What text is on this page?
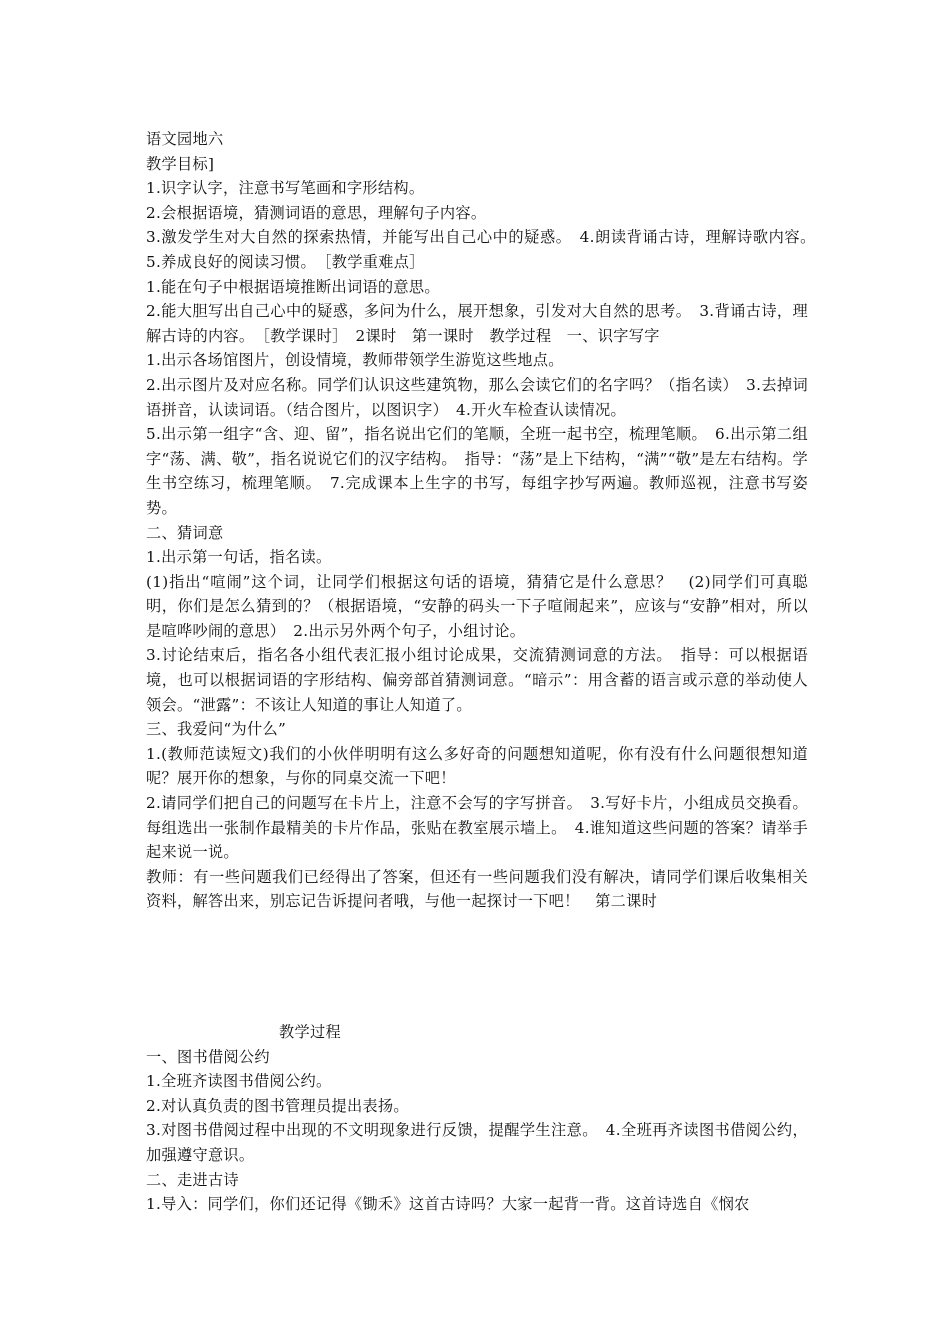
语文园地六

教学目标]

1.识字认字，注意书写笔画和字形结构。

2.会根据语境，猜测词语的意思，理解句子内容。

3.激发学生对大自然的探索热情，并能写出自己心中的疑惑。　4.朗读背诵古诗，理解诗歌内容。　5.养成良好的阅读习惯。　［教学重难点］

1.能在句子中根据语境推断出词语的意思。

2.能大胆写出自己心中的疑惑，多问为什么，展开想象，引发对大自然的思考。　3.背诵古诗，理解古诗的内容。　［教学课时］　2课时　第一课时　教学过程　一、识字写字

1.出示各场馆图片，创设情境，教师带领学生游览这些地点。

2.出示图片及对应名称。同学们认识这些建筑物，那么会读它们的名字吗？（指名读）　3.去掉词语拼音，认读词语。（结合图片，以图识字）　4.开火车检查认读情况。

5.出示第一组字“含、迎、留”，指名说出它们的笔顺，全班一起书空，梳理笔顺。　6.出示第二组字“荡、满、敬”，指名说说它们的汉字结构。　指导：“荡”是上下结构，“满”“敬”是左右结构。学生书空练习，梳理笔顺。　7.完成课本上生字的书写，每组字抄写两遍。教师巡视，注意书写姿势。

二、猜词意

1.出示第一句话，指名读。

(1)指出“喧闹”这个词，让同学们根据这句话的语境，猜猜它是什么意思？　(2)同学们可真聪明，你们是怎么猜到的？（根据语境，“安静的码头一下子喧闹起来”，应该与“安静”相对，所以是喧哗吵闹的意思）　2.出示另外两个句子，小组讨论。

3.讨论结束后，指名各小组代表汇报小组讨论成果，交流猜测词意的方法。　指导：可以根据语境，也可以根据词语的字形结构、偏旁部首猜测词意。“暗示”：用含蓄的语言或示意的举动使人领会。“泄露”：不该让人知道的事让人知道了。

三、我爱问“为什么”

1.(教师范读短文)我们的小伙伴明明有这么多好奇的问题想知道呢，你有没有什么问题很想知道呢？展开你的想象，与你的同桌交流一下吧！

2.请同学们把自己的问题写在卡片上，注意不会写的字写拼音。　3.写好卡片，小组成员交换看。每组选出一张制作最精美的卡片作品，张贴在教室展示墙上。　4.谁知道这些问题的答案？请举手起来说一说。

教师：有一些问题我们已经得出了答案，但还有一些问题我们没有解决，请同学们课后收集相关资料，解答出来，别忘记告诉提问者哦，与他一起探讨一下吧！　第二课时

教学过程

一、图书借阅公约

1.全班齐读图书借阅公约。

2.对认真负责的图书管理员提出表扬。

3.对图书借阅过程中出现的不文明现象进行反馈，提醒学生注意。　4.全班再齐读图书借阅公约，加强遵守意识。

二、走进古诗

1.导入：同学们，你们还记得《锄禾》这首古诗吗？大家一起背一背。这首诗选自《悯农
